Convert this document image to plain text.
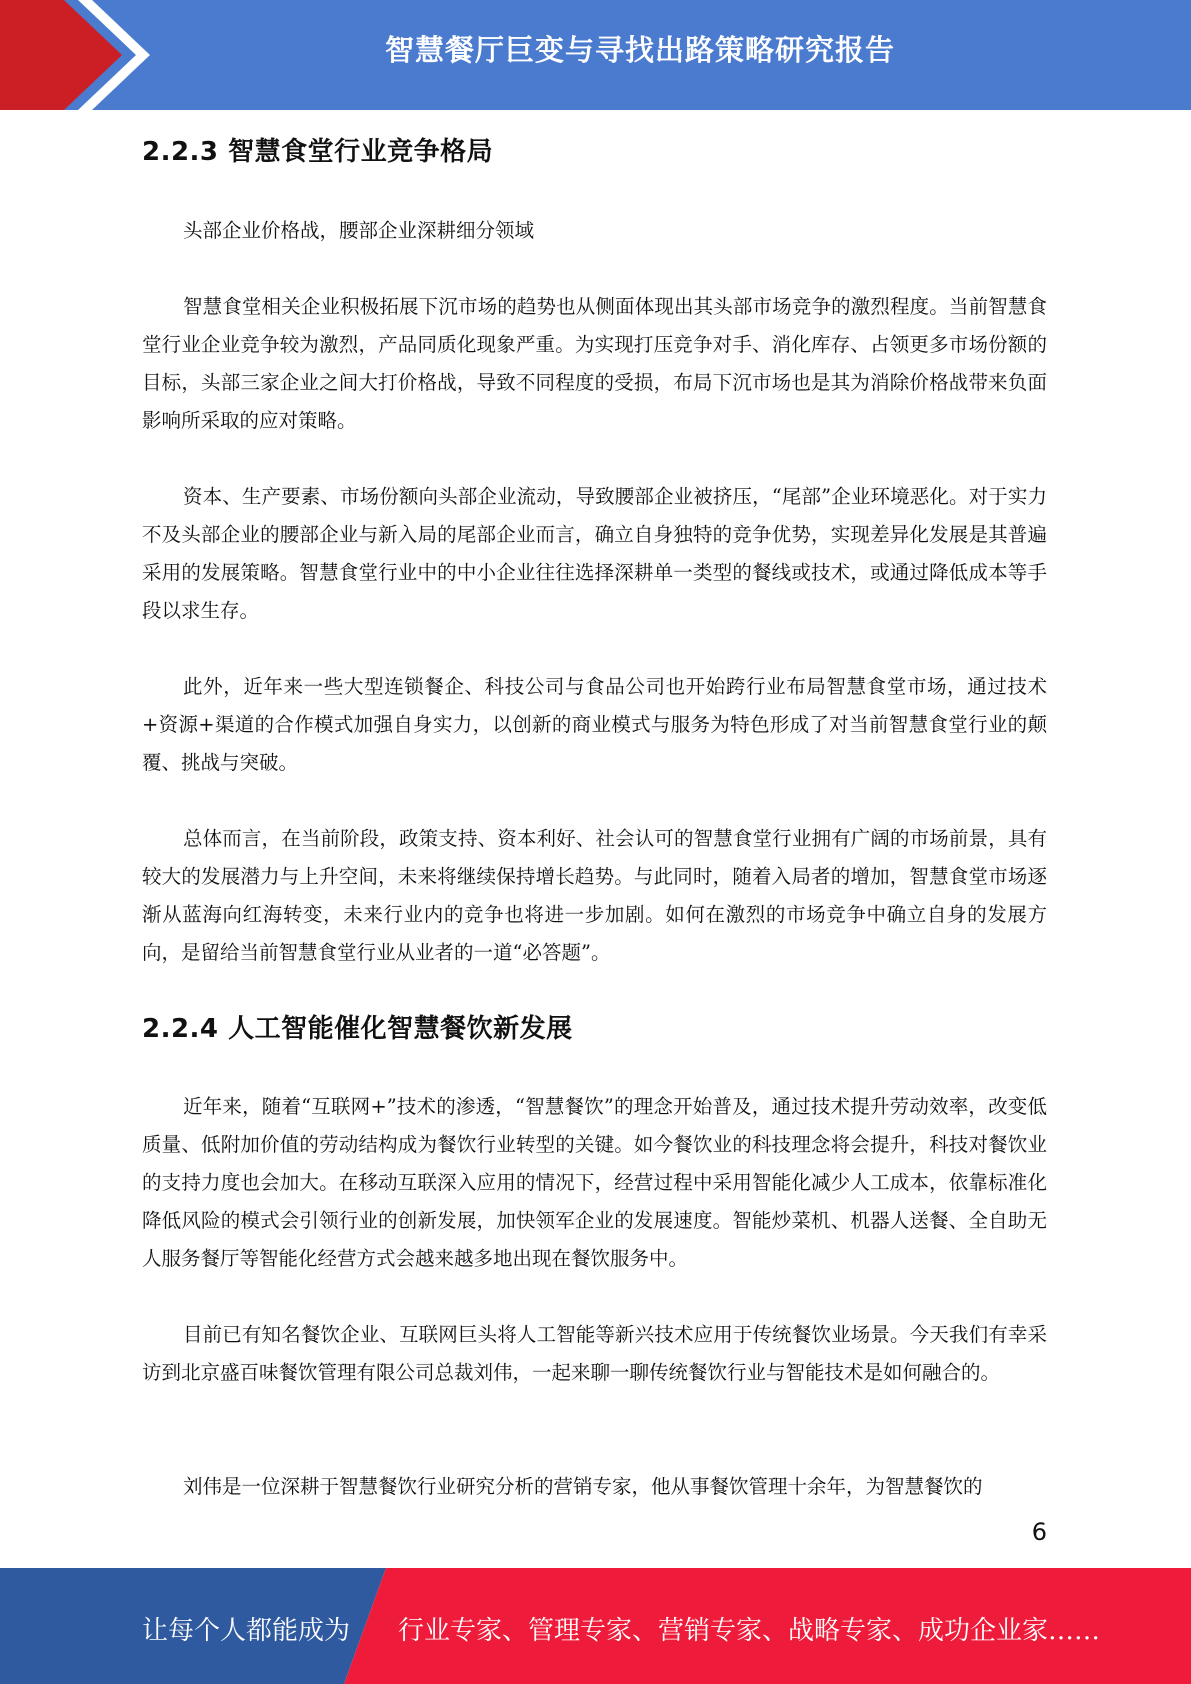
智慧餐厅巨变与寻找出路策略研究报告
2.2.3 智慧食堂行业竞争格局

头部企业价格战，腰部企业深耕细分领域

智慧食堂相关企业积极拓展下沉市场的趋势也从侧面体现出其头部市场竞争的激烈程度。当前智慧食堂行业企业竞争较为激烈，产品同质化现象严重。为实现打压竞争对手、消化库存、占领更多市场份额的目标，头部三家企业之间大打价格战，导致不同程度的受损，布局下沉市场也是其为消除价格战带来负面影响所采取的应对策略。

资本、生产要素、市场份额向头部企业流动，导致腰部企业被挤压，“尾部”企业环境恶化。对于实力不及头部企业的腰部企业与新入局的尾部企业而言，确立自身独特的竞争优势，实现差异化发展是其普遍采用的发展策略。智慧食堂行业中的中小企业往往选择深耕单一类型的餐线或技术，或通过降低成本等手段以求生存。

此外，近年来一些大型连锁餐企、科技公司与食品公司也开始跨行业布局智慧食堂市场，通过技术+资源+渠道的合作模式加强自身实力，以创新的商业模式与服务为特色形成了对当前智慧食堂行业的颠覆、挑战与突破。

总体而言，在当前阶段，政策支持、资本利好、社会认可的智慧食堂行业拥有广阔的市场前景，具有较大的发展潜力与上升空间，未来将继续保持增长趋势。与此同时，随着入局者的增加，智慧食堂市场逐渐从蓝海向红海转变，未来行业内的竞争也将进一步加剧。如何在激烈的市场竞争中确立自身的发展方向，是留给当前智慧食堂行业从业者的一道“必答题”。

2.2.4 人工智能催化智慧餐饮新发展

近年来，随着“互联网+”技术的渗透，“智慧餐饮”的理念开始普及，通过技术提升劳动效率，改变低质量、低附加价值的劳动结构成为餐饮行业转型的关键。如今餐饮业的科技理念将会提升，科技对餐饮业的支持力度也会加大。在移动互联深入应用的情况下，经营过程中采用智能化减少人工成本，依靠标准化降低风险的模式会引领行业的创新发展，加快领军企业的发展速度。智能炒菜机、机器人送餐、全自助无人服务餐厅等智能化经营方式会越来越多地出现在餐饮服务中。

目前已有知名餐饮企业、互联网巨头将人工智能等新兴技术应用于传统餐饮业场景。今天我们有幸采访到北京盛百味餐饮管理有限公司总裁刘伟，一起来聊一聊传统餐饮行业与智能技术是如何融合的。

刘伟是一位深耕于智慧餐饮行业研究分析的营销专家，他从事餐饮管理十余年，为智慧餐饮的

6
让每个人都能成为 行业专家、管理专家、营销专家、战略专家、成功企业家……
